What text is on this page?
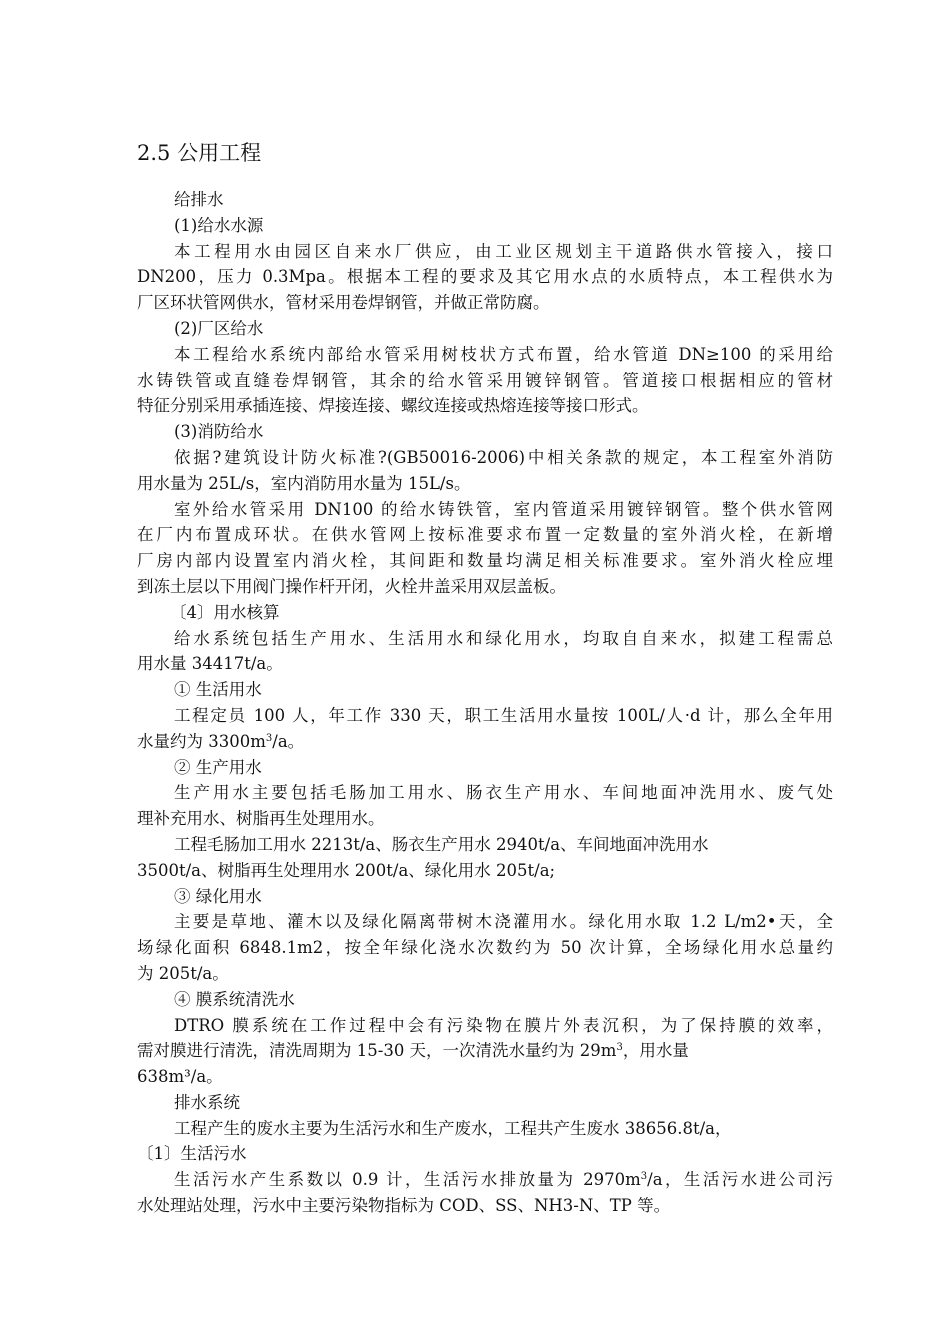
2.5 公用工程
给排水
(1)给水水源
本工程用水由园区自来水厂供应，由工业区规划主干道路供水管接入，接口
DN200，压力 0.3Mpa。根据本工程的要求及其它用水点的水质特点，本工程供水为
厂区环状管网供水，管材采用卷焊钢管，并做正常防腐。
(2)厂区给水
本工程给水系统内部给水管采用树枝状方式布置，给水管道 DN≥100 的采用给
水铸铁管或直缝卷焊钢管，其余的给水管采用镀锌钢管。管道接口根据相应的管材
特征分别采用承插连接、焊接连接、螺纹连接或热熔连接等接口形式。
(3)消防给水
依据?建筑设计防火标准?(GB50016-2006)中相关条款的规定，本工程室外消防
用水量为 25L/s，室内消防用水量为 15L/s。
室外给水管采用 DN100 的给水铸铁管，室内管道采用镀锌钢管。整个供水管网
在厂内布置成环状。在供水管网上按标准要求布置一定数量的室外消火栓，在新增
厂房内部内设置室内消火栓，其间距和数量均满足相关标准要求。室外消火栓应埋
到冻土层以下用阀门操作杆开闭，火栓井盖采用双层盖板。
〔4〕用水核算
给水系统包括生产用水、生活用水和绿化用水，均取自自来水，拟建工程需总
用水量 34417t/a。
① 生活用水
工程定员 100 人，年工作 330 天，职工生活用水量按 100L/人·d 计，那么全年用
水量约为 $3300m^3/a$。
② 生产用水
生产用水主要包括毛肠加工用水、肠衣生产用水、车间地面冲洗用水、废气处
理补充用水、树脂再生处理用水。
工程毛肠加工用水 2213t/a、肠衣生产用水 2940t/a、车间地面冲洗用水
3500t/a、树脂再生处理用水 200t/a、绿化用水 205t/a;
③ 绿化用水
主要是草地、灌木以及绿化隔离带树木浇灌用水。绿化用水取 1.2 L/m2•天，全
场绿化面积 6848.1m2，按全年绿化浇水次数约为 50 次计算，全场绿化用水总量约
为 205t/a。
④ 膜系统清洗水
DTRO 膜系统在工作过程中会有污染物在膜片外表沉积，为了保持膜的效率，
需对膜进行清洗，清洗周期为 15-30 天，一次清洗水量约为 $29m^3$，用水量
638m³/a。
排水系统
工程产生的废水主要为生活污水和生产废水，工程共产生废水 38656.8t/a，
〔1〕生活污水
生活污水产生系数以 0.9 计，生活污水排放量为 $2970m^3/a$，生活污水进公司污
水处理站处理，污水中主要污染物指标为 COD、SS、NH3-N、TP 等。
